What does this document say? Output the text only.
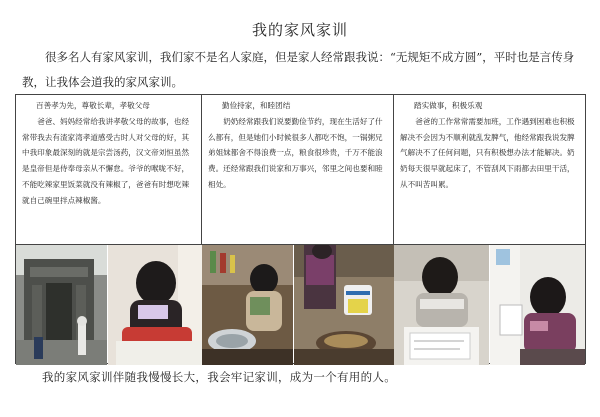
我的家风家训
很多名人有家风家训，我们家不是名人家庭，但是家人经常跟我说：“无规矩不成方圆”，平时也是言传身教，让我体会道我的家风家训。
百善孝为先，尊敬长辈，孝敬父母

爸爸、妈妈经常给我讲孝敬父母的故事，也经常带我去有渣家湾孝道感受古时人对父母的好，其中我印象最深刻的就是宗尝汤药，汉文帝刘恒虽然是皇帝但是侍奉母亲从不懈怠。爷爷的喉咙不好，不能吃辣家里饭菜就没有辣椒了，爸爸有时想吃辣就自己碗里拌点辣椒酱。

勤俭持家，和睦团结

奶奶经常跟我们说要勤俭节约，现在生活好了什么都有，但是她们小时候很多人都吃不饱，一锅粥兄弟姐妹都舍不得浪费一点，粮食很珍贵，千万不能浪费。还经常跟我们说家和万事兴，邻里之间也要和睦相处。

踏实做事，积极乐观

爸爸的工作常常需要加班，工作遇到困难也积极解决不会因为不顺利就乱发脾气，他经常跟我说发脾气解决不了任何问题，只有积极想办法才能解决。奶奶每天很早就起床了，不管刮风下雨都去田里干活，从不叫苦叫累。

我的家风家训伴随我慢慢长大，我会牢记家训，成为一个有用的人。
